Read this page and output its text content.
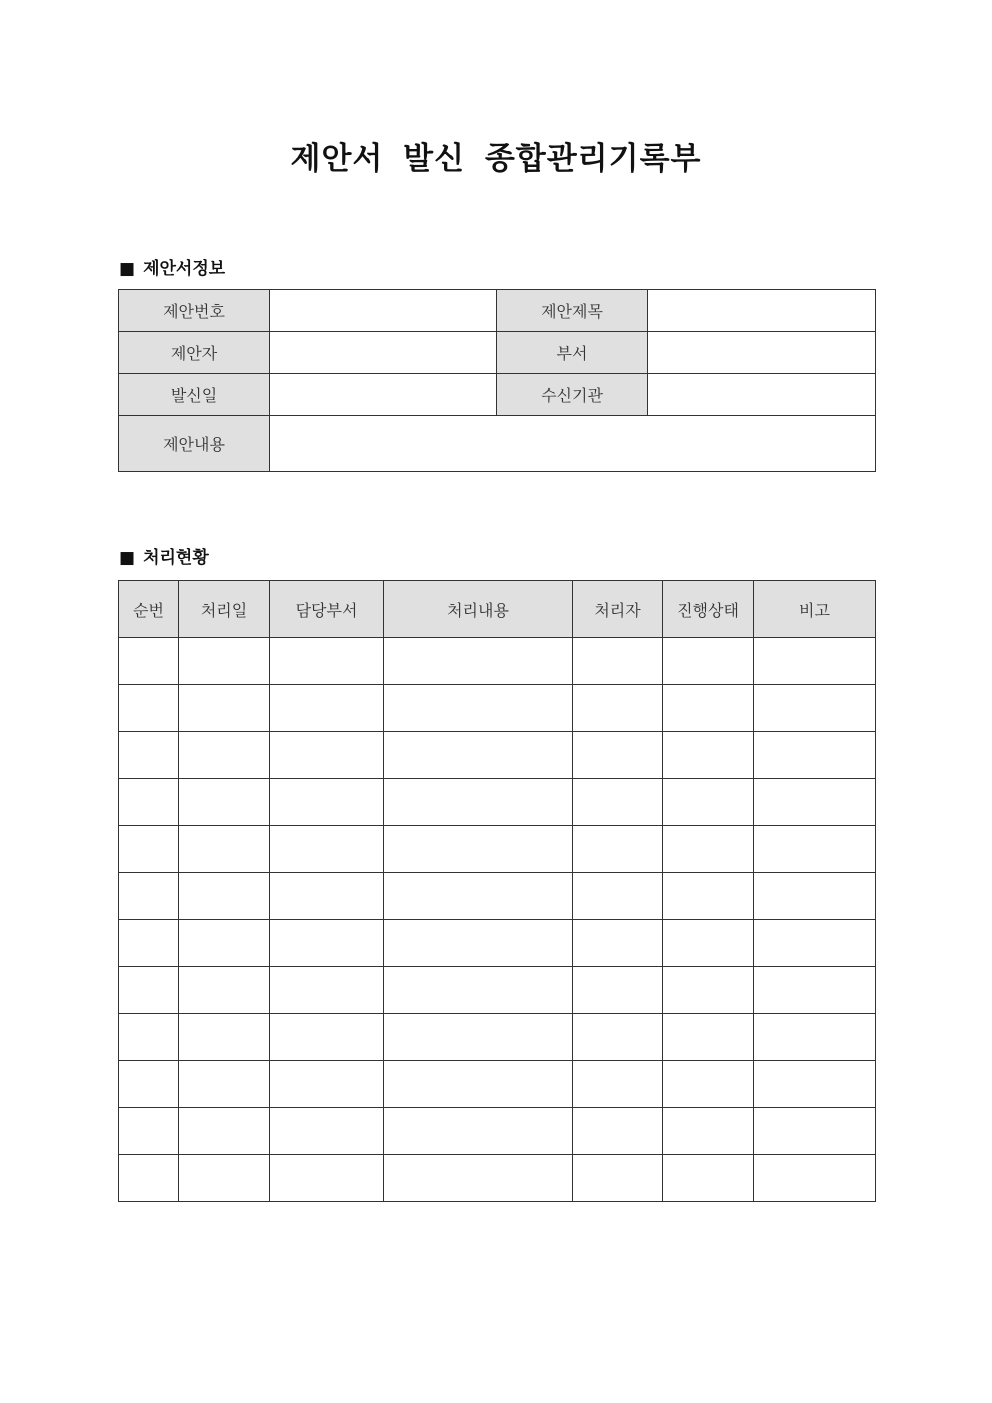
제안서 발신 종합관리기록부
■ 제안서정보
제안번호		제안제목	
제안자		부서	
발신일		수신기관	
제안내용			
■ 처리현황
순번	처리일	담당부서	처리내용	처리자	진행상태	비고
